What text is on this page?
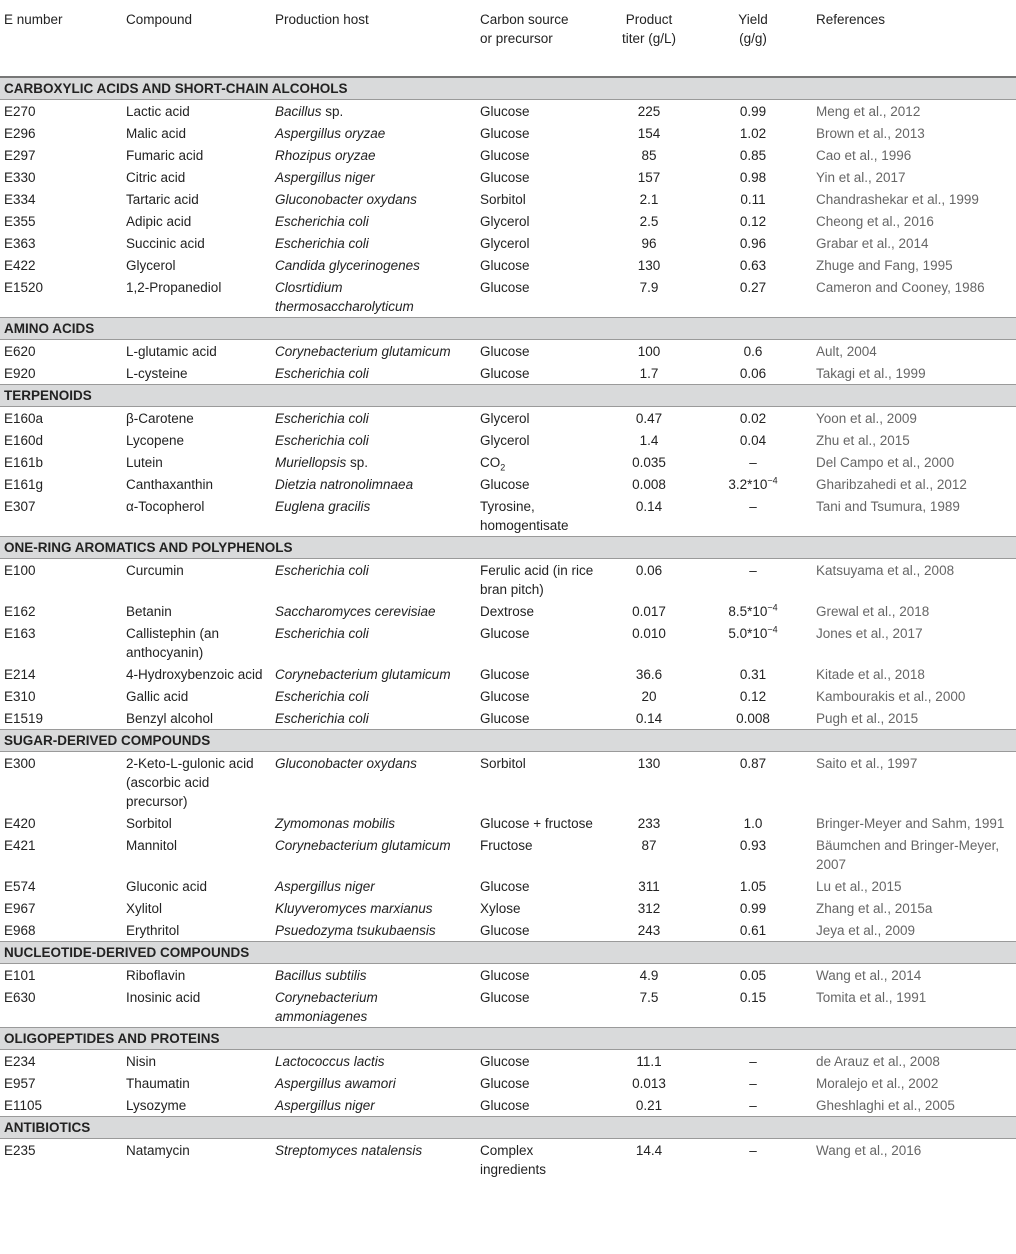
E number	Compound	Production host	Carbon source or precursor	Product titer (g/L)	Yield (g/g)	References
CARBOXYLIC ACIDS AND SHORT-CHAIN ALCOHOLS						
E270	Lactic acid	Bacillus sp.	Glucose	225	0.99	Meng et al., 2012
E296	Malic acid	Aspergillus oryzae	Glucose	154	1.02	Brown et al., 2013
E297	Fumaric acid	Rhozipus oryzae	Glucose	85	0.85	Cao et al., 1996
E330	Citric acid	Aspergillus niger	Glucose	157	0.98	Yin et al., 2017
E334	Tartaric acid	Gluconobacter oxydans	Sorbitol	2.1	0.11	Chandrashekar et al., 1999
E355	Adipic acid	Escherichia coli	Glycerol	2.5	0.12	Cheong et al., 2016
E363	Succinic acid	Escherichia coli	Glycerol	96	0.96	Grabar et al., 2014
E422	Glycerol	Candida glycerinogenes	Glucose	130	0.63	Zhuge and Fang, 1995
E1520	1,2-Propanediol	Closrtidium thermosaccharolyticum	Glucose	7.9	0.27	Cameron and Cooney, 1986
AMINO ACIDS						
E620	L-glutamic acid	Corynebacterium glutamicum	Glucose	100	0.6	Ault, 2004
E920	L-cysteine	Escherichia coli	Glucose	1.7	0.06	Takagi et al., 1999
TERPENOIDS						
E160a	β-Carotene	Escherichia coli	Glycerol	0.47	0.02	Yoon et al., 2009
E160d	Lycopene	Escherichia coli	Glycerol	1.4	0.04	Zhu et al., 2015
E161b	Lutein	Muriellopsis sp.	$CO_2$	0.035	–	Del Campo et al., 2000
E161g	Canthaxanthin	Dietzia natronolimnaea	Glucose	0.008	$3.2*10^{-4}$	Gharibzahedi et al., 2012
E307	α-Tocopherol	Euglena gracilis	Tyrosine, homogentisate	0.14	–	Tani and Tsumura, 1989
ONE-RING AROMATICS AND POLYPHENOLS						
E100	Curcumin	Escherichia coli	Ferulic acid (in rice bran pitch)	0.06	–	Katsuyama et al., 2008
E162	Betanin	Saccharomyces cerevisiae	Dextrose	0.017	$8.5*10^{-4}$	Grewal et al., 2018
E163	Callistephin (an anthocyanin)	Escherichia coli	Glucose	0.010	$5.0*10^{-4}$	Jones et al., 2017
E214	4-Hydroxybenzoic acid	Corynebacterium glutamicum	Glucose	36.6	0.31	Kitade et al., 2018
E310	Gallic acid	Escherichia coli	Glucose	20	0.12	Kambourakis et al., 2000
E1519	Benzyl alcohol	Escherichia coli	Glucose	0.14	0.008	Pugh et al., 2015
SUGAR-DERIVED COMPOUNDS						
E300	2-Keto-L-gulonic acid (ascorbic acid precursor)	Gluconobacter oxydans	Sorbitol	130	0.87	Saito et al., 1997
E420	Sorbitol	Zymomonas mobilis	Glucose + fructose	233	1.0	Bringer-Meyer and Sahm, 1991
E421	Mannitol	Corynebacterium glutamicum	Fructose	87	0.93	Bäumchen and Bringer-Meyer, 2007
E574	Gluconic acid	Aspergillus niger	Glucose	311	1.05	Lu et al., 2015
E967	Xylitol	Kluyveromyces marxianus	Xylose	312	0.99	Zhang et al., 2015a
E968	Erythritol	Psuedozyma tsukubaensis	Glucose	243	0.61	Jeya et al., 2009
NUCLEOTIDE-DERIVED COMPOUNDS						
E101	Riboflavin	Bacillus subtilis	Glucose	4.9	0.05	Wang et al., 2014
E630	Inosinic acid	Corynebacterium ammoniagenes	Glucose	7.5	0.15	Tomita et al., 1991
OLIGOPEPTIDES AND PROTEINS						
E234	Nisin	Lactococcus lactis	Glucose	11.1	–	de Arauz et al., 2008
E957	Thaumatin	Aspergillus awamori	Glucose	0.013	–	Moralejo et al., 2002
E1105	Lysozyme	Aspergillus niger	Glucose	0.21	–	Gheshlaghi et al., 2005
ANTIBIOTICS						
E235	Natamycin	Streptomyces natalensis	Complex ingredients	14.4	–	Wang et al., 2016
